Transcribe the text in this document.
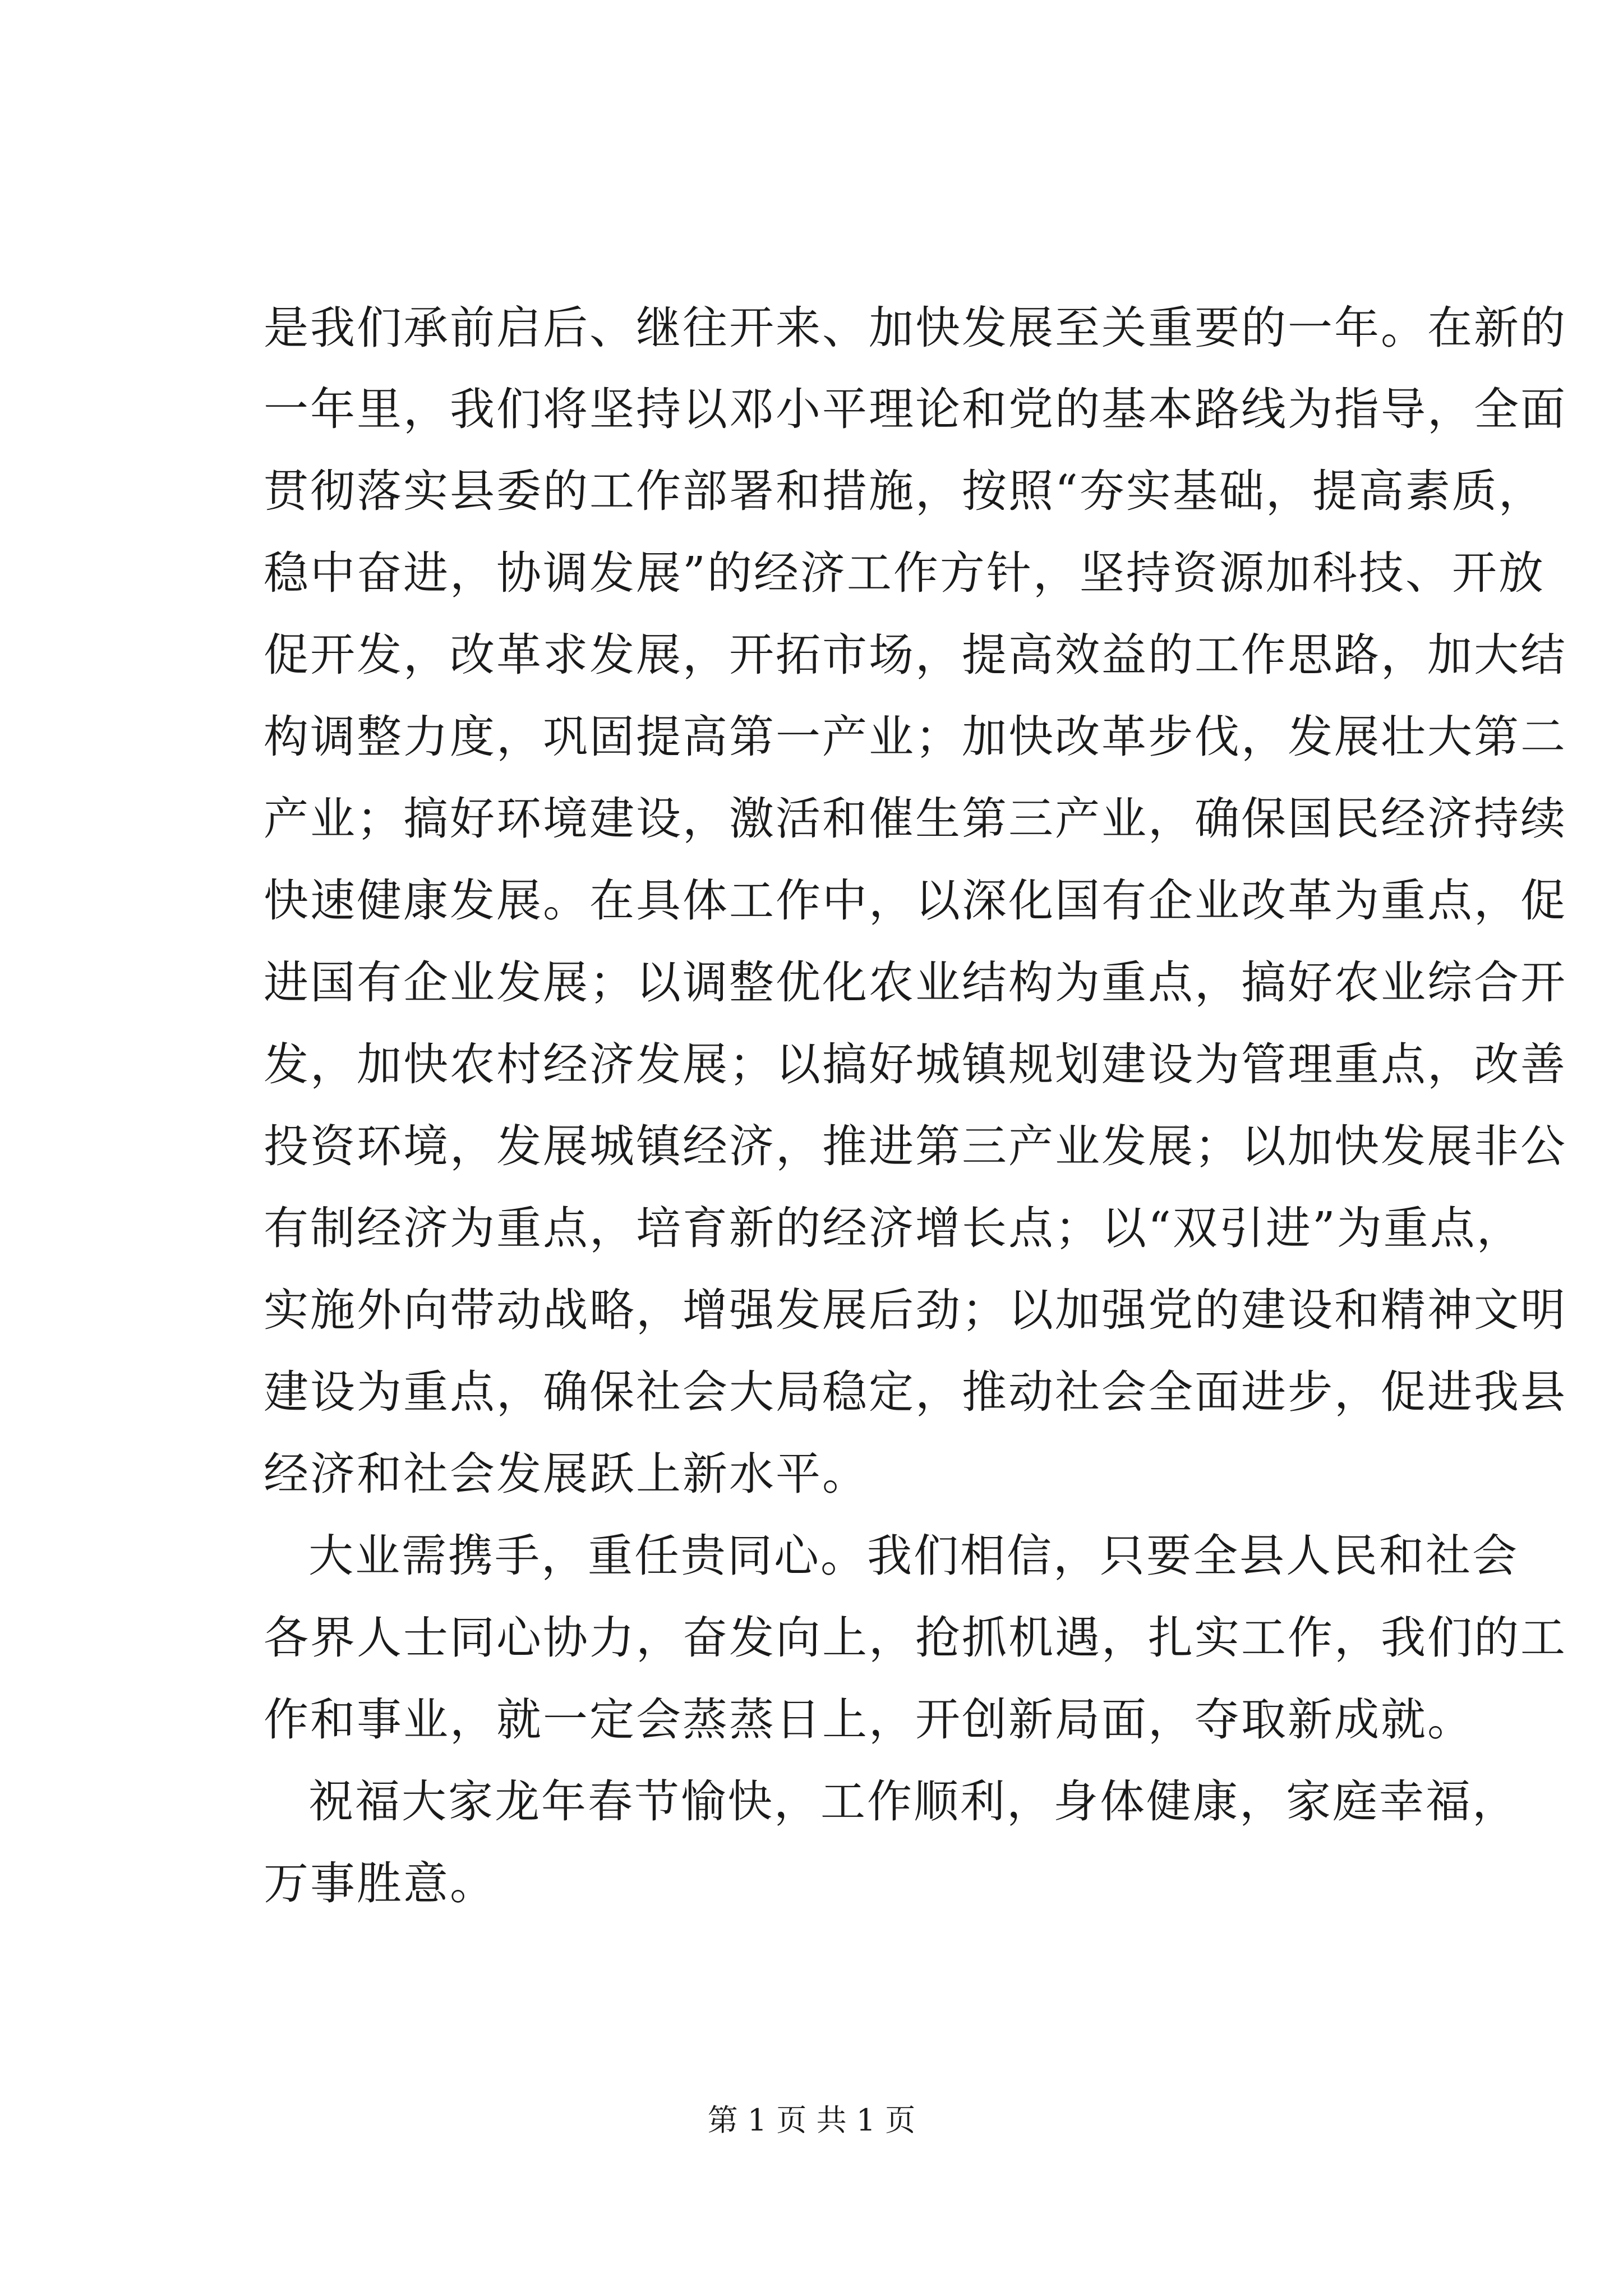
是我们承前启后、继往开来、加快发展至关重要的一年。在新的
一年里，我们将坚持以邓小平理论和党的基本路线为指导，全面
贯彻落实县委的工作部署和措施，按照“夯实基础，提高素质，
稳中奋进，协调发展”的经济工作方针，坚持资源加科技、开放
促开发，改革求发展，开拓市场，提高效益的工作思路，加大结
构调整力度，巩固提高第一产业；加快改革步伐，发展壮大第二
产业；搞好环境建设，激活和催生第三产业，确保国民经济持续
快速健康发展。在具体工作中，以深化国有企业改革为重点，促
进国有企业发展；以调整优化农业结构为重点，搞好农业综合开
发，加快农村经济发展；以搞好城镇规划建设为管理重点，改善
投资环境，发展城镇经济，推进第三产业发展；以加快发展非公
有制经济为重点，培育新的经济增长点；以“双引进”为重点，
实施外向带动战略，增强发展后劲；以加强党的建设和精神文明
建设为重点，确保社会大局稳定，推动社会全面进步，促进我县
经济和社会发展跃上新水平。
大业需携手，重任贵同心。我们相信，只要全县人民和社会
各界人士同心协力，奋发向上，抢抓机遇，扎实工作，我们的工
作和事业，就一定会蒸蒸日上，开创新局面，夺取新成就。
祝福大家龙年春节愉快，工作顺利，身体健康，家庭幸福，
万事胜意。
第 1 页 共 1 页
